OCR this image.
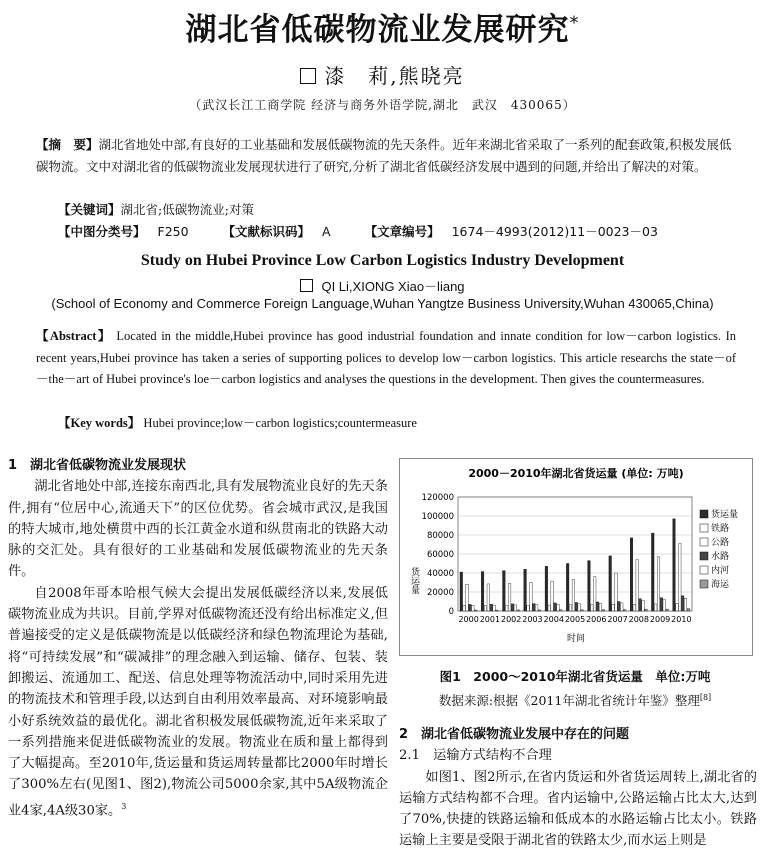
湖北省低碳物流业发展研究*
漆　莉,熊晓亮
（武汉长江工商学院 经济与商务外语学院,湖北　武汉　430065）
【摘　要】湖北省地处中部,有良好的工业基础和发展低碳物流的先天条件。近年来湖北省采取了一系列的配套政策,积极发展低碳物流。文中对湖北省的低碳物流业发展现状进行了研究,分析了湖北省低碳经济发展中遇到的问题,并给出了解决的对策。
【关键词】湖北省;低碳物流业;对策
【中图分类号】 F250	【文献标识码】 A	【文章编号】 1674－4993(2012)11－0023－03
Study on Hubei Province Low Carbon Logistics Industry Development
QI Li,XIONG Xiao－liang
(School of Economy and Commerce Foreign Language,Wuhan Yangtze Business University,Wuhan 430065,China)
【Abstract】 Located in the middle,Hubei province has good industrial foundation and innate condition for low－carbon logistics. In recent years,Hubei province has taken a series of supporting polices to develop low－carbon logistics. This article researchs the state－of－the－art of Hubei province's loe－carbon logistics and analyses the questions in the development. Then gives the countermeasures.
【Key words】 Hubei province;low－carbon logistics;countermeasure
1　湖北省低碳物流业发展现状

湖北省地处中部,连接东南西北,具有发展物流业良好的先天条件,拥有“位居中心,流通天下”的区位优势。省会城市武汉,是我国的特大城市,地处横贯中西的长江黄金水道和纵贯南北的铁路大动脉的交汇处。具有很好的工业基础和发展低碳物流业的先天条件。

自2008年哥本哈根气候大会提出发展低碳经济以来,发展低碳物流业成为共识。目前,学界对低碳物流还没有给出标准定义,但普遍接受的定义是低碳物流是以低碳经济和绿色物流理论为基础,将“可持续发展”和“碳减排”的理念融入到运输、储存、包装、装卸搬运、流通加工、配送、信息处理等物流活动中,同时采用先进的物流技术和管理手段,以达到自由利用效率最高、对环境影响最小好系统效益的最优化。湖北省积极发展低碳物流,近年来采取了一系列措施来促进低碳物流业的发展。物流业在质和量上都得到了大幅提高。至2010年,货运量和货运周转量都比2000年时增长了300%左右(见图1、图2),物流公司5000余家,其中5A级物流企业4家,4A级30家。$^3$

2000－2010年湖北省货运量 (单位: 万吨)
0
20000
40000
60000
80000
100000
120000
2000 2001 2002 2003 2004 2005 2006 2007 2008 2009 2010
时间
货运量
货运量
铁路
公路
水路
内河
海运
图1　2000～2010年湖北省货运量　单位:万吨
数据来源:根据《2011年湖北省统计年鉴》整理[8]
2　湖北省低碳物流业发展中存在的问题
2.1　运输方式结构不合理

如图1、图2所示,在省内货运和外省货运周转上,湖北省的运输方式结构都不合理。省内运输中,公路运输占比太大,达到了70%,快捷的铁路运输和低成本的水路运输占比太小。铁路运输上主要是受限于湖北省的铁路太少,而水运上则是
